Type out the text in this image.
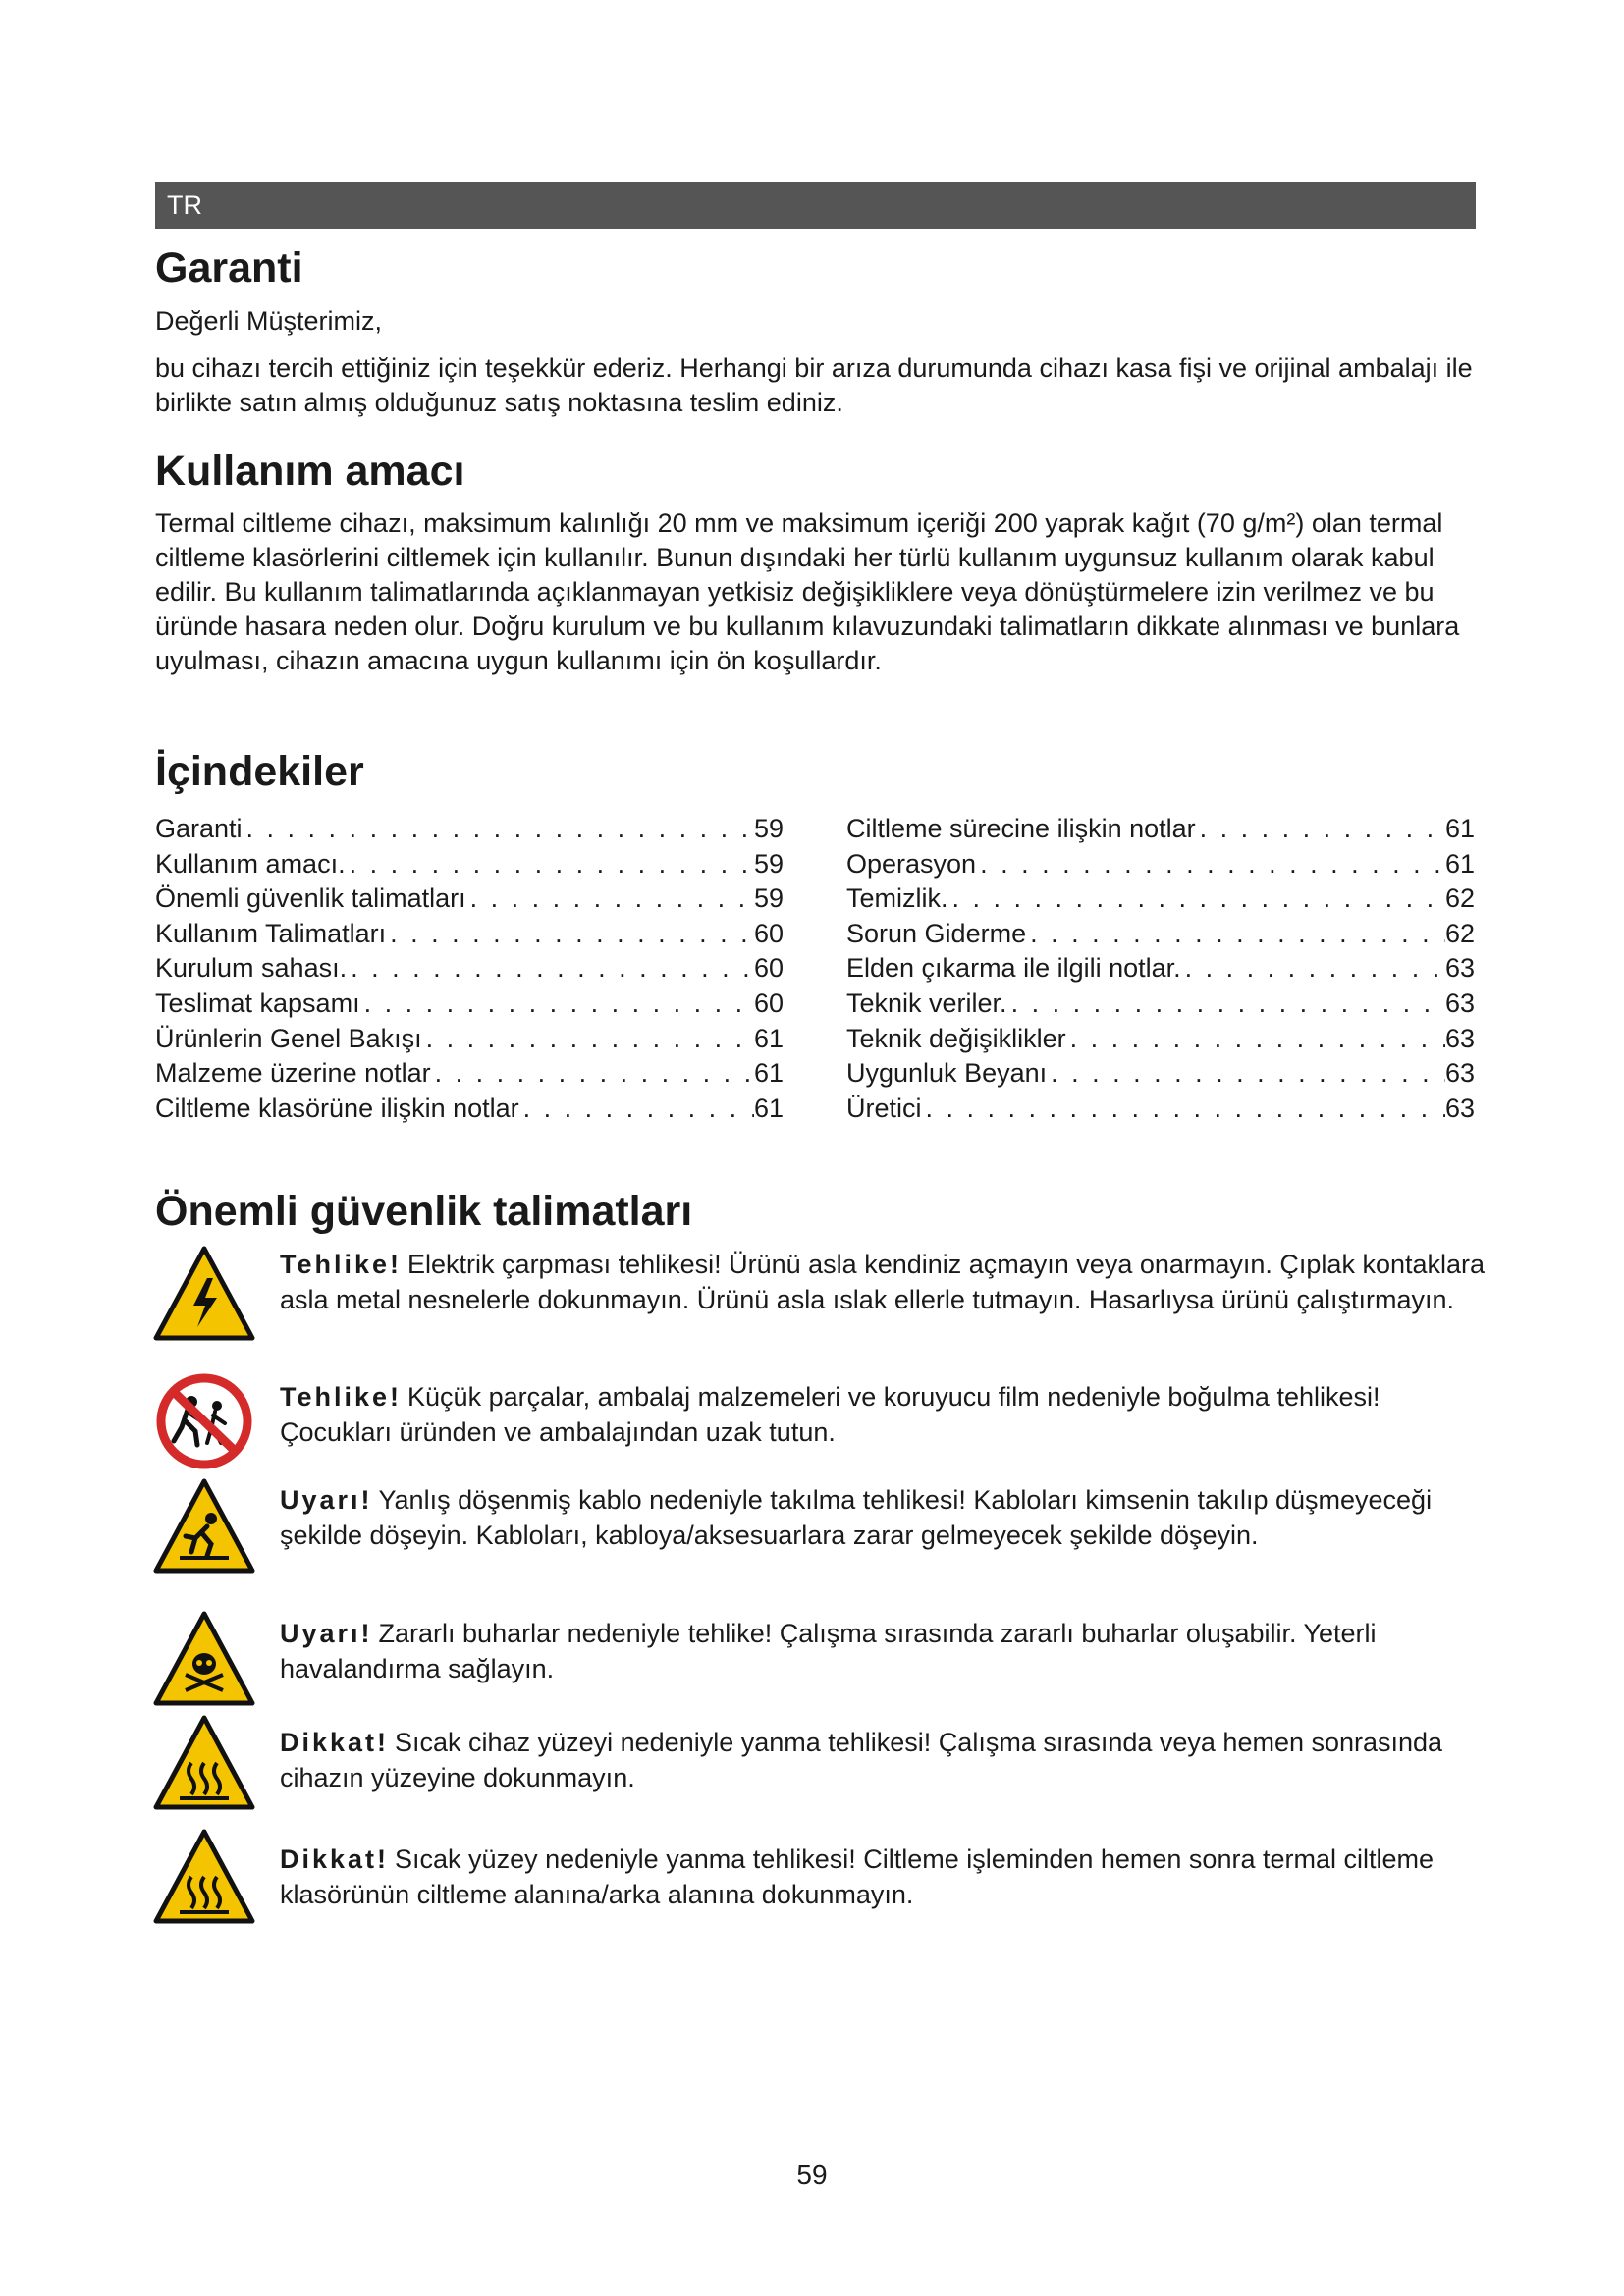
TR
Garanti

Değerli Müşterimiz,

bu cihazı tercih ettiğiniz için teşekkür ederiz. Herhangi bir arıza durumunda cihazı kasa fişi ve orijinal ambalajı ile birlikte satın almış olduğunuz satış noktasına teslim ediniz.

Kullanım amacı

Termal ciltleme cihazı, maksimum kalınlığı 20 mm ve maksimum içeriği 200 yaprak kağıt (70 g/m²) olan termal ciltleme klasörlerini ciltlemek için kullanılır. Bunun dışındaki her türlü kullanım uygunsuz kullanım olarak kabul edilir. Bu kullanım talimatlarında açıklanmayan yetkisiz değişikliklere veya dönüştürmelere izin verilmez ve bu üründe hasara neden olur. Doğru kurulum ve bu kullanım kılavuzundaki talimatların dikkate alınması ve bunlara uyulması, cihazın amacına uygun kullanımı için ön koşullardır.

İçindekiler
Garanti . . .	59
Kullanım amacı. . . .	59
Önemli güvenlik talimatları . . .	59
Kullanım Talimatları . . .	60
Kurulum sahası. . . .	60
Teslimat kapsamı . . .	60
Ürünlerin Genel Bakışı . . .	61
Malzeme üzerine notlar . . .	61
Ciltleme klasörüne ilişkin notlar . . .	61
Ciltleme sürecine ilişkin notlar . . .	61
Operasyon . . .	61
Temizlik. . . .	62
Sorun Giderme . . .	62
Elden çıkarma ile ilgili notlar. . . .	63
Teknik veriler. . . .	63
Teknik değişiklikler . . .	63
Uygunluk Beyanı . . .	63
Üretici . . .	63
Önemli güvenlik talimatları

Tehlike! Elektrik çarpması tehlikesi! Ürünü asla kendiniz açmayın veya onarmayın. Çıplak kontaklara asla metal nesnelerle dokunmayın. Ürünü asla ıslak ellerle tutmayın. Hasarlıysa ürünü çalıştırmayın.

Tehlike! Küçük parçalar, ambalaj malzemeleri ve koruyucu film nedeniyle boğulma tehlikesi! Çocukları üründen ve ambalajından uzak tutun.

Uyarı! Yanlış döşenmiş kablo nedeniyle takılma tehlikesi! Kabloları kimsenin takılıp düşmeyeceği şekilde döşeyin. Kabloları, kabloya/aksesuarlara zarar gelmeyecek şekilde döşeyin.

Uyarı! Zararlı buharlar nedeniyle tehlike! Çalışma sırasında zararlı buharlar oluşabilir. Yeterli havalandırma sağlayın.

Dikkat! Sıcak cihaz yüzeyi nedeniyle yanma tehlikesi! Çalışma sırasında veya hemen sonrasında cihazın yüzeyine dokunmayın.

Dikkat! Sıcak yüzey nedeniyle yanma tehlikesi! Ciltleme işleminden hemen sonra termal ciltleme klasörünün ciltleme alanına/arka alanına dokunmayın.

59
